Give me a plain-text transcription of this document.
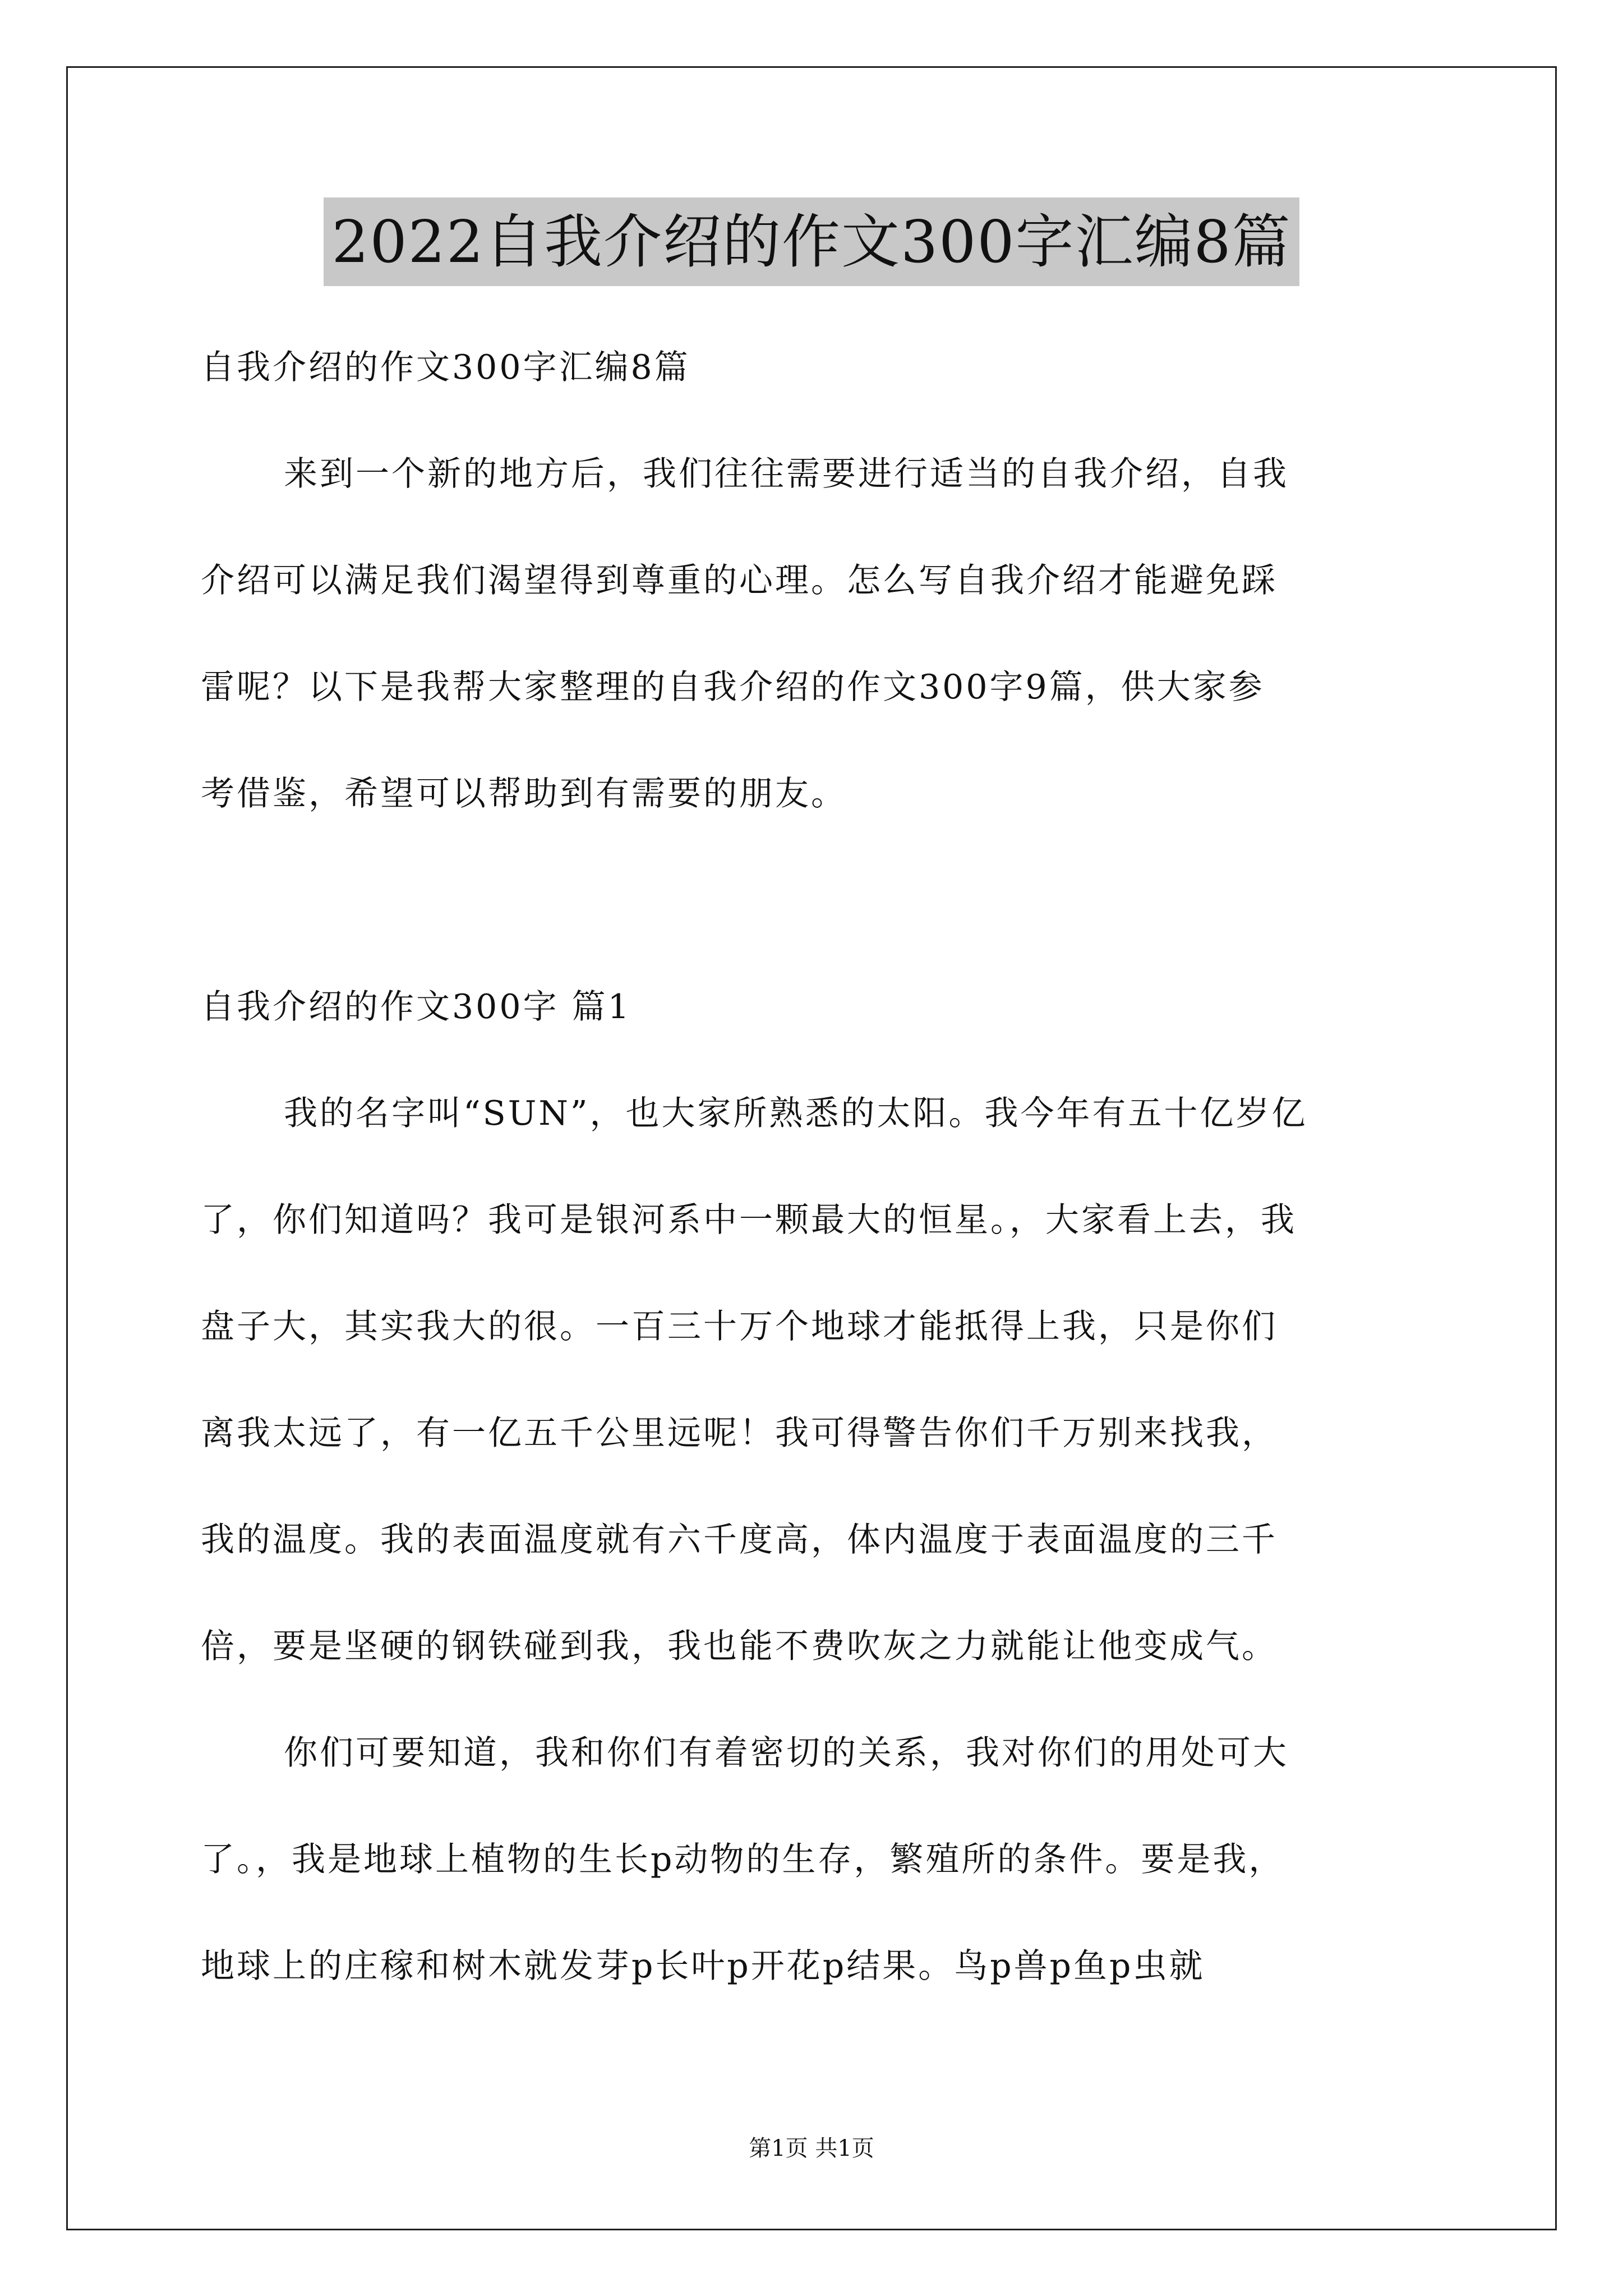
2022自我介绍的作文300字汇编8篇
自我介绍的作文300字汇编8篇
来到一个新的地方后，我们往往需要进行适当的自我介绍，自我
介绍可以满足我们渴望得到尊重的心理。怎么写自我介绍才能避免踩
雷呢？以下是我帮大家整理的自我介绍的作文300字9篇，供大家参
考借鉴，希望可以帮助到有需要的朋友。
自我介绍的作文300字 篇1
我的名字叫“SUN”，也大家所熟悉的太阳。我今年有五十亿岁亿
了，你们知道吗？我可是银河系中一颗最大的恒星。，大家看上去，我
盘子大，其实我大的很。一百三十万个地球才能抵得上我，只是你们
离我太远了，有一亿五千公里远呢！我可得警告你们千万别来找我，
我的温度。我的表面温度就有六千度高，体内温度于表面温度的三千
倍，要是坚硬的钢铁碰到我，我也能不费吹灰之力就能让他变成气。
你们可要知道，我和你们有着密切的关系，我对你们的用处可大
了。，我是地球上植物的生长p动物的生存，繁殖所的条件。要是我，
地球上的庄稼和树木就发芽p长叶p开花p结果。鸟p兽p鱼p虫就
第1页 共1页
